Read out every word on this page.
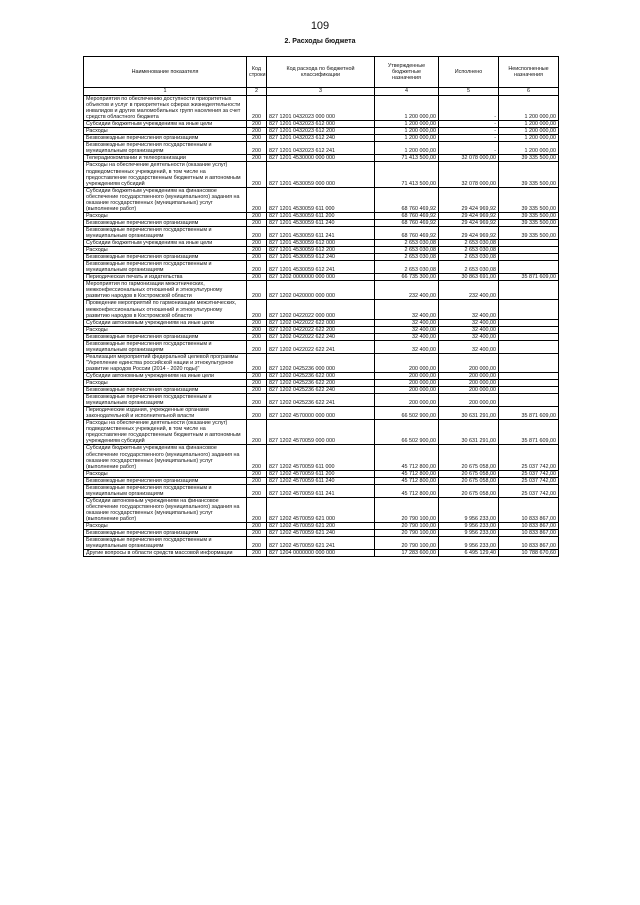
109
2. Расходы бюджета
Наименование показателя	Код строки	Код расхода по бюджетной классификации	Утвержденные бюджетные назначения	Исполнено	Неисполненные назначения
1	2	3	4	5	6
Мероприятия по обеспечению доступности приоритетных объектов и услуг в приоритетных сферах жизнедеятельности инвалидов и других маломобильных групп населения за счет средств областного бюджета	200	827 1201 0432023 000 000	1 200 000,00	-	1 200 000,00
Субсидии бюджетным учреждениям на иные цели	200	827 1201 0432023 612 000	1 200 000,00	-	1 200 000,00
Расходы	200	827 1201 0432023 612 200	1 200 000,00	-	1 200 000,00
Безвозмездные перечисления организациям	200	827 1201 0432023 612 240	1 200 000,00	-	1 200 000,00
Безвозмездные перечисления государственным и муниципальным организациям	200	827 1201 0432023 612 241	1 200 000,00	-	1 200 000,00
Телерадиокомпании и телеорганизации	200	827 1201 4530000 000 000	71 413 500,00	32 078 000,00	39 335 500,00
Расходы на обеспечение деятельности (оказание услуг) подведомственных учреждений, в том числе на предоставление государственным бюджетным и автономным учреждениям субсидий	200	827 1201 4530059 000 000	71 413 500,00	32 078 000,00	39 335 500,00
Субсидии бюджетным учреждениям на финансовое обеспечение государственного (муниципального) задания на оказание государственных (муниципальных) услуг (выполнение работ)	200	827 1201 4530059 611 000	68 760 469,92	29 424 969,92	39 335 500,00
Расходы	200	827 1201 4530059 611 200	68 760 469,92	29 424 969,92	39 335 500,00
Безвозмездные перечисления организациям	200	827 1201 4530059 611 240	68 760 469,92	29 424 969,92	39 335 500,00
Безвозмездные перечисления государственным и муниципальным организациям	200	827 1201 4530059 611 241	68 760 469,92	29 424 969,92	39 335 500,00
Субсидии бюджетным учреждениям на иные цели	200	827 1201 4530059 612 000	2 653 030,08	2 653 030,08	
Расходы	200	827 1201 4530059 612 200	2 653 030,08	2 653 030,08	
Безвозмездные перечисления организациям	200	827 1201 4530059 612 240	2 653 030,08	2 653 030,08	
Безвозмездные перечисления государственным и муниципальным организациям	200	827 1201 4530059 612 241	2 653 030,08	2 653 030,08	
Периодическая печать и издательства	200	827 1202 0000000 000 000	66 735 300,00	30 863 691,00	35 871 609,00
Мероприятия по гармонизации межэтнических, межконфессиональных отношений и этнокультурному развитию народов в Костромской области	200	827 1202 0420000 000 000	232 400,00	232 400,00	
Проведение мероприятий по гармонизации межэтнических, межконфессиональных отношений и этнокультурному развитию народов в Костромской области	200	827 1202 0422022 000 000	32 400,00	32 400,00	
Субсидии автономным учреждениям на иные цели	200	827 1202 0422022 622 000	32 400,00	32 400,00	
Расходы	200	827 1202 0422022 622 200	32 400,00	32 400,00	
Безвозмездные перечисления организациям	200	827 1202 0422022 622 240	32 400,00	32 400,00	
Безвозмездные перечисления государственным и муниципальным организациям	200	827 1202 0422022 622 241	32 400,00	32 400,00	
Реализация мероприятий федеральной целевой программы "Укрепление единства российской нации и этнокультурное развитие народов России (2014 - 2020 годы)"	200	827 1202 0425236 000 000	200 000,00	200 000,00	
Субсидии автономным учреждениям на иные цели	200	827 1202 0425236 622 000	200 000,00	200 000,00	
Расходы	200	827 1202 0425236 622 200	200 000,00	200 000,00	
Безвозмездные перечисления организациям	200	827 1202 0425236 622 240	200 000,00	200 000,00	
Безвозмездные перечисления государственным и муниципальным организациям	200	827 1202 0425236 622 241	200 000,00	200 000,00	
Периодические издания, учрежденные органами законодательной и исполнительной власти	200	827 1202 4570000 000 000	66 502 900,00	30 631 291,00	35 871 609,00
Расходы на обеспечение деятельности (оказание услуг) подведомственных учреждений, в том числе на предоставление государственным бюджетным и автономным учреждениям субсидий	200	827 1202 4570059 000 000	66 502 900,00	30 631 291,00	35 871 609,00
Субсидии бюджетным учреждениям на финансовое обеспечение государственного (муниципального) задания на оказание государственных (муниципальных) услуг (выполнение работ)	200	827 1202 4570059 611 000	45 712 800,00	20 675 058,00	25 037 742,00
Расходы	200	827 1202 4570059 611 200	45 712 800,00	20 675 058,00	25 037 742,00
Безвозмездные перечисления организациям	200	827 1202 4570059 611 240	45 712 800,00	20 675 058,00	25 037 742,00
Безвозмездные перечисления государственным и муниципальным организациям	200	827 1202 4570059 611 241	45 712 800,00	20 675 058,00	25 037 742,00
Субсидии автономным учреждениям на финансовое обеспечение государственного (муниципального) задания на оказание государственных (муниципальных) услуг (выполнение работ)	200	827 1202 4570059 621 000	20 790 100,00	9 956 233,00	10 833 867,00
Расходы	200	827 1202 4570059 621 200	20 790 100,00	9 956 233,00	10 833 867,00
Безвозмездные перечисления организациям	200	827 1202 4570059 621 240	20 790 100,00	9 956 233,00	10 833 867,00
Безвозмездные перечисления государственным и муниципальным организациям	200	827 1202 4570059 621 241	20 790 100,00	9 956 233,00	10 833 867,00
Другие вопросы в области средств массовой информации	200	827 1204 0000000 000 000	17 283 600,00	6 495 129,40	10 788 670,60
